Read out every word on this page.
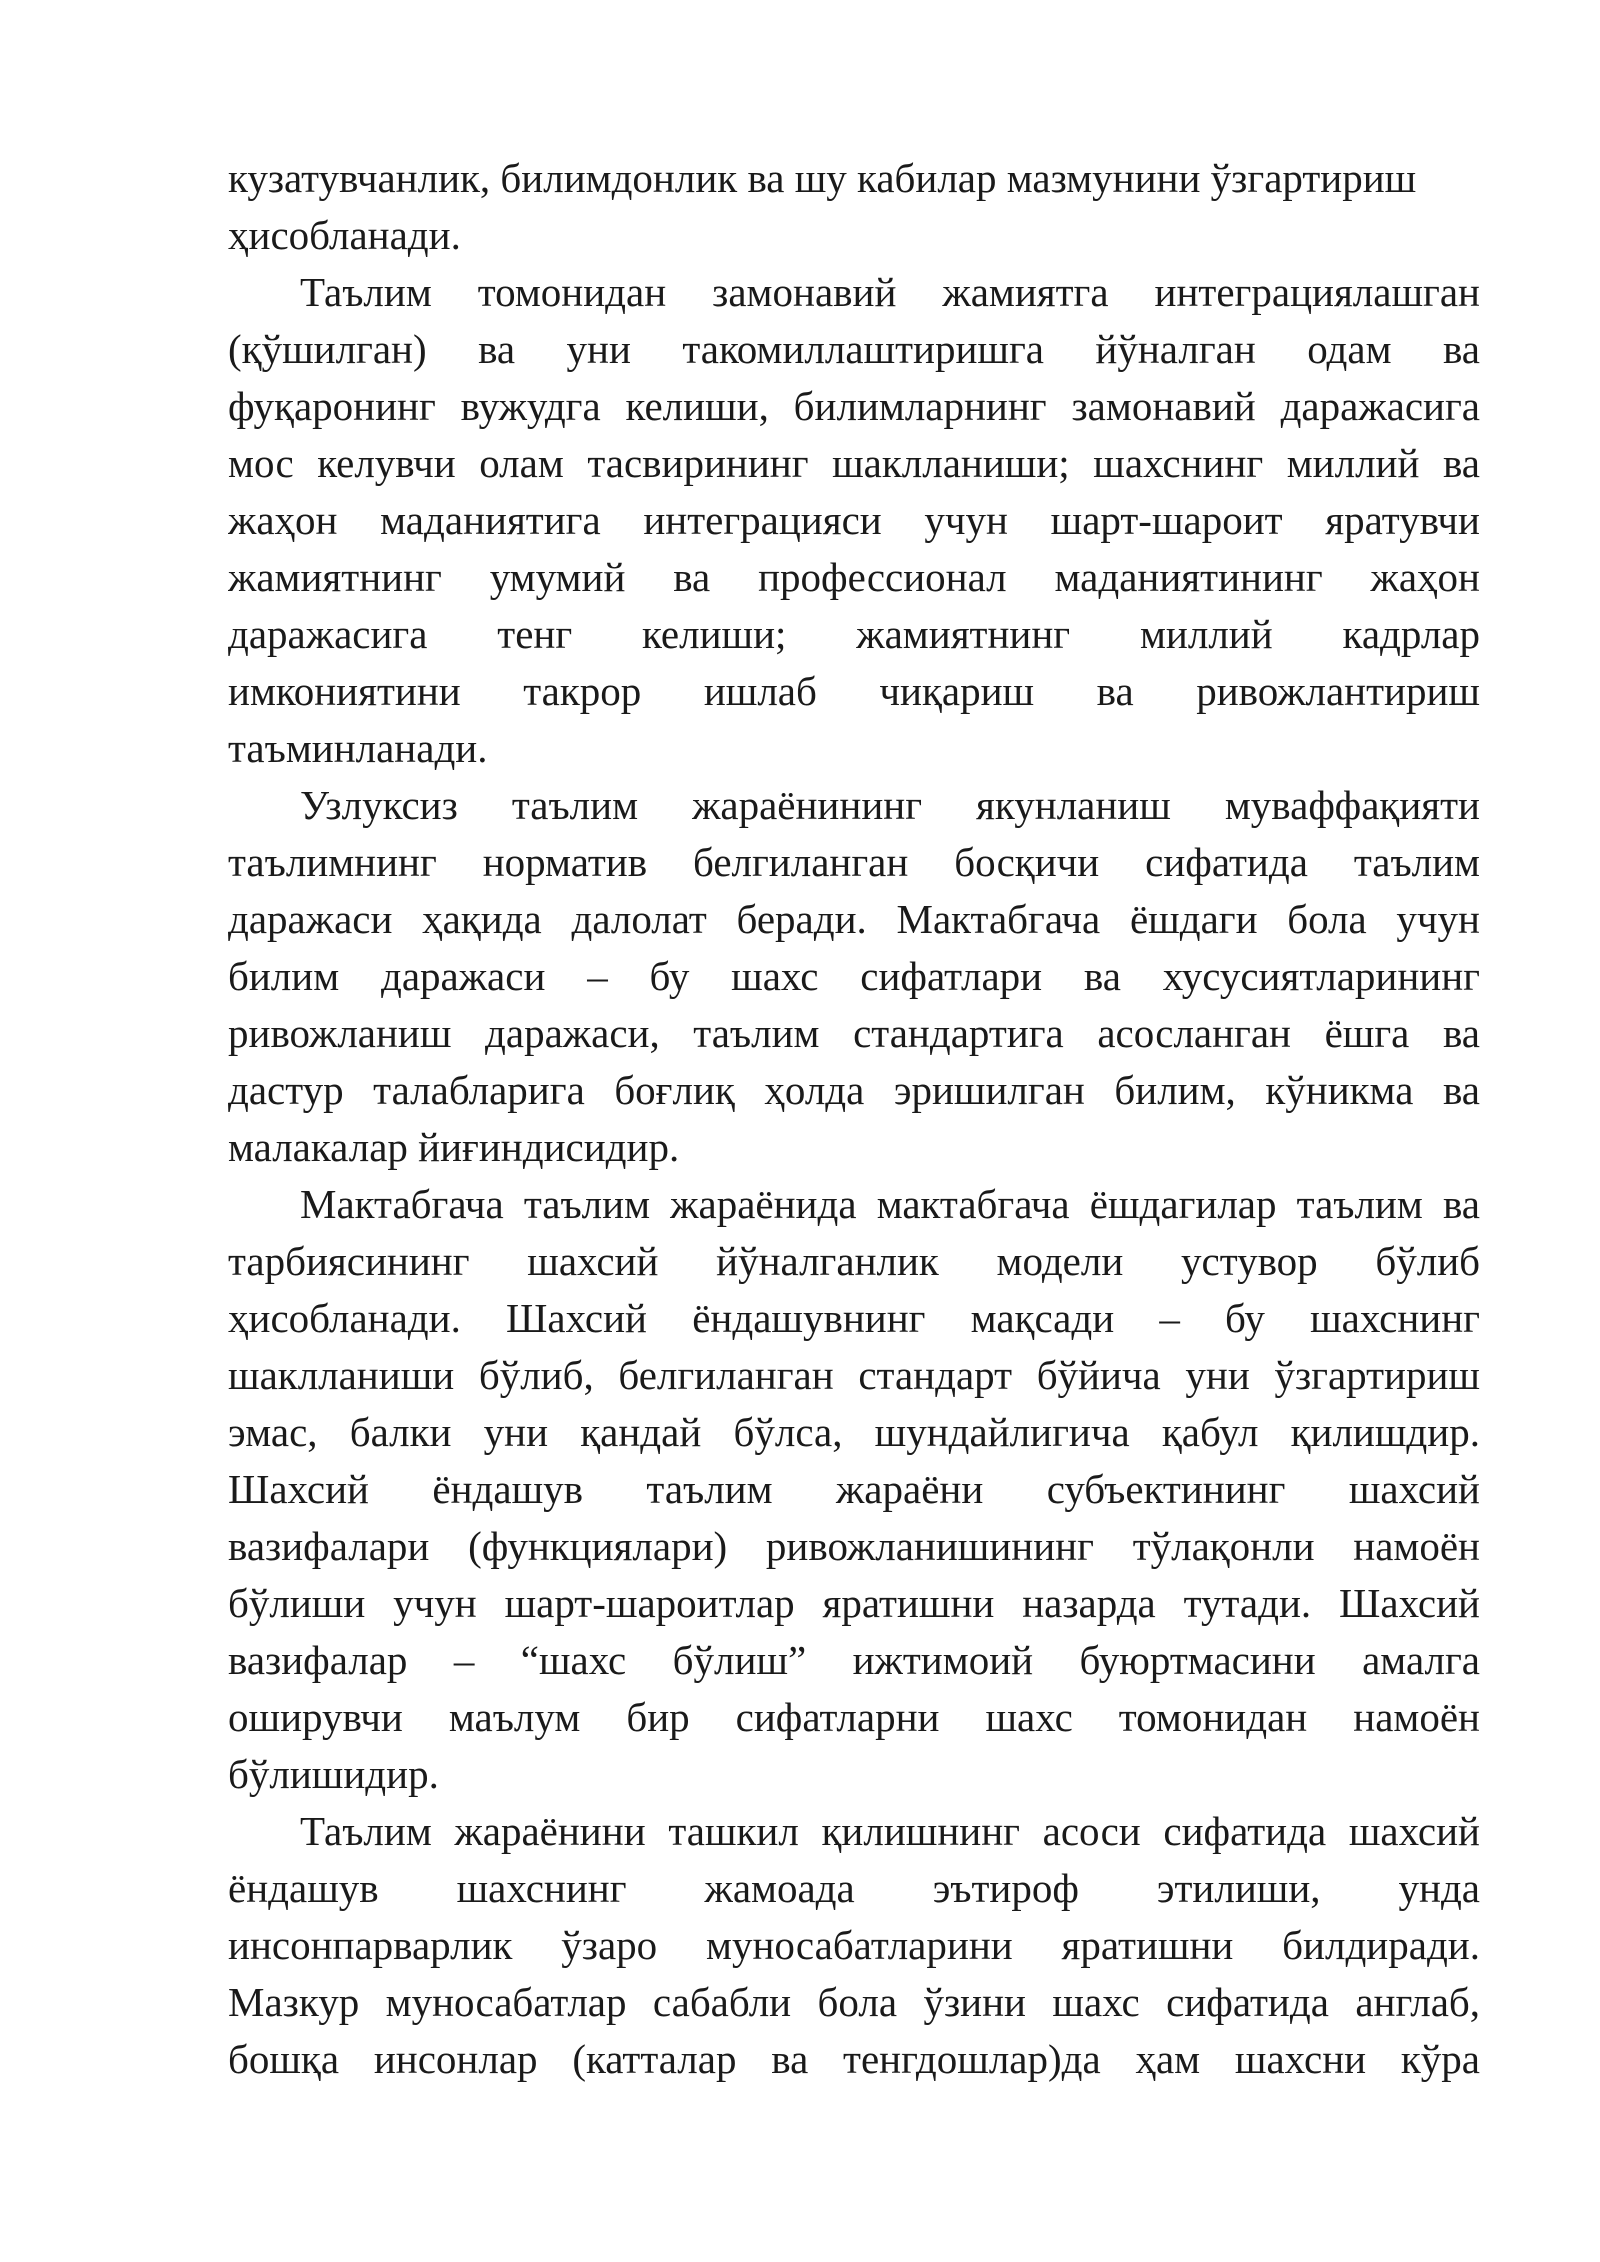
кузатувчанлик, билимдонлик ва шу кабилар мазмунини ўзгартириш
ҳисобланади.
Таълим томонидан замонавий жамиятга интеграциялашган
(қўшилган) ва уни такомиллаштиришга йўналган одам ва
фуқаронинг вужудга келиши, билимларнинг замонавий даражасига
мос келувчи олам тасвирининг шаклланиши; шахснинг миллий ва
жаҳон маданиятига интеграцияси учун шарт-шароит яратувчи
жамиятнинг умумий ва профессионал маданиятининг жаҳон
даражасига тенг келиши; жамиятнинг миллий кадрлар
имкониятини такрор ишлаб чиқариш ва ривожлантириш
таъминланади.
Узлуксиз таълим жараёнининг якунланиш муваффақияти
таълимнинг норматив белгиланган босқичи сифатида таълим
даражаси ҳақида далолат беради. Мактабгача ёшдаги бола учун
билим даражаси – бу шахс сифатлари ва хусусиятларининг
ривожланиш даражаси, таълим стандартига асосланган ёшга ва
дастур талабларига боғлиқ ҳолда эришилган билим, кўникма ва
малакалар йиғиндисидир.
Мактабгача таълим жараёнида мактабгача ёшдагилар таълим ва
тарбиясининг шахсий йўналганлик модели устувор бўлиб
ҳисобланади. Шахсий ёндашувнинг мақсади – бу шахснинг
шаклланиши бўлиб, белгиланган стандарт бўйича уни ўзгартириш
эмас, балки уни қандай бўлса, шундайлигича қабул қилишдир.
Шахсий ёндашув таълим жараёни субъектининг шахсий
вазифалари (функциялари) ривожланишининг тўлақонли намоён
бўлиши учун шарт-шароитлар яратишни назарда тутади. Шахсий
вазифалар – “шахс бўлиш” ижтимоий буюртмасини амалга
оширувчи маълум бир сифатларни шахс томонидан намоён
бўлишидир.
Таълим жараёнини ташкил қилишнинг асоси сифатида шахсий
ёндашув шахснинг жамоада эътироф этилиши, унда
инсонпарварлик ўзаро муносабатларини яратишни билдиради.
Мазкур муносабатлар сабабли бола ўзини шахс сифатида англаб,
бошқа инсонлар (катталар ва тенгдошлар)да ҳам шахсни кўра
